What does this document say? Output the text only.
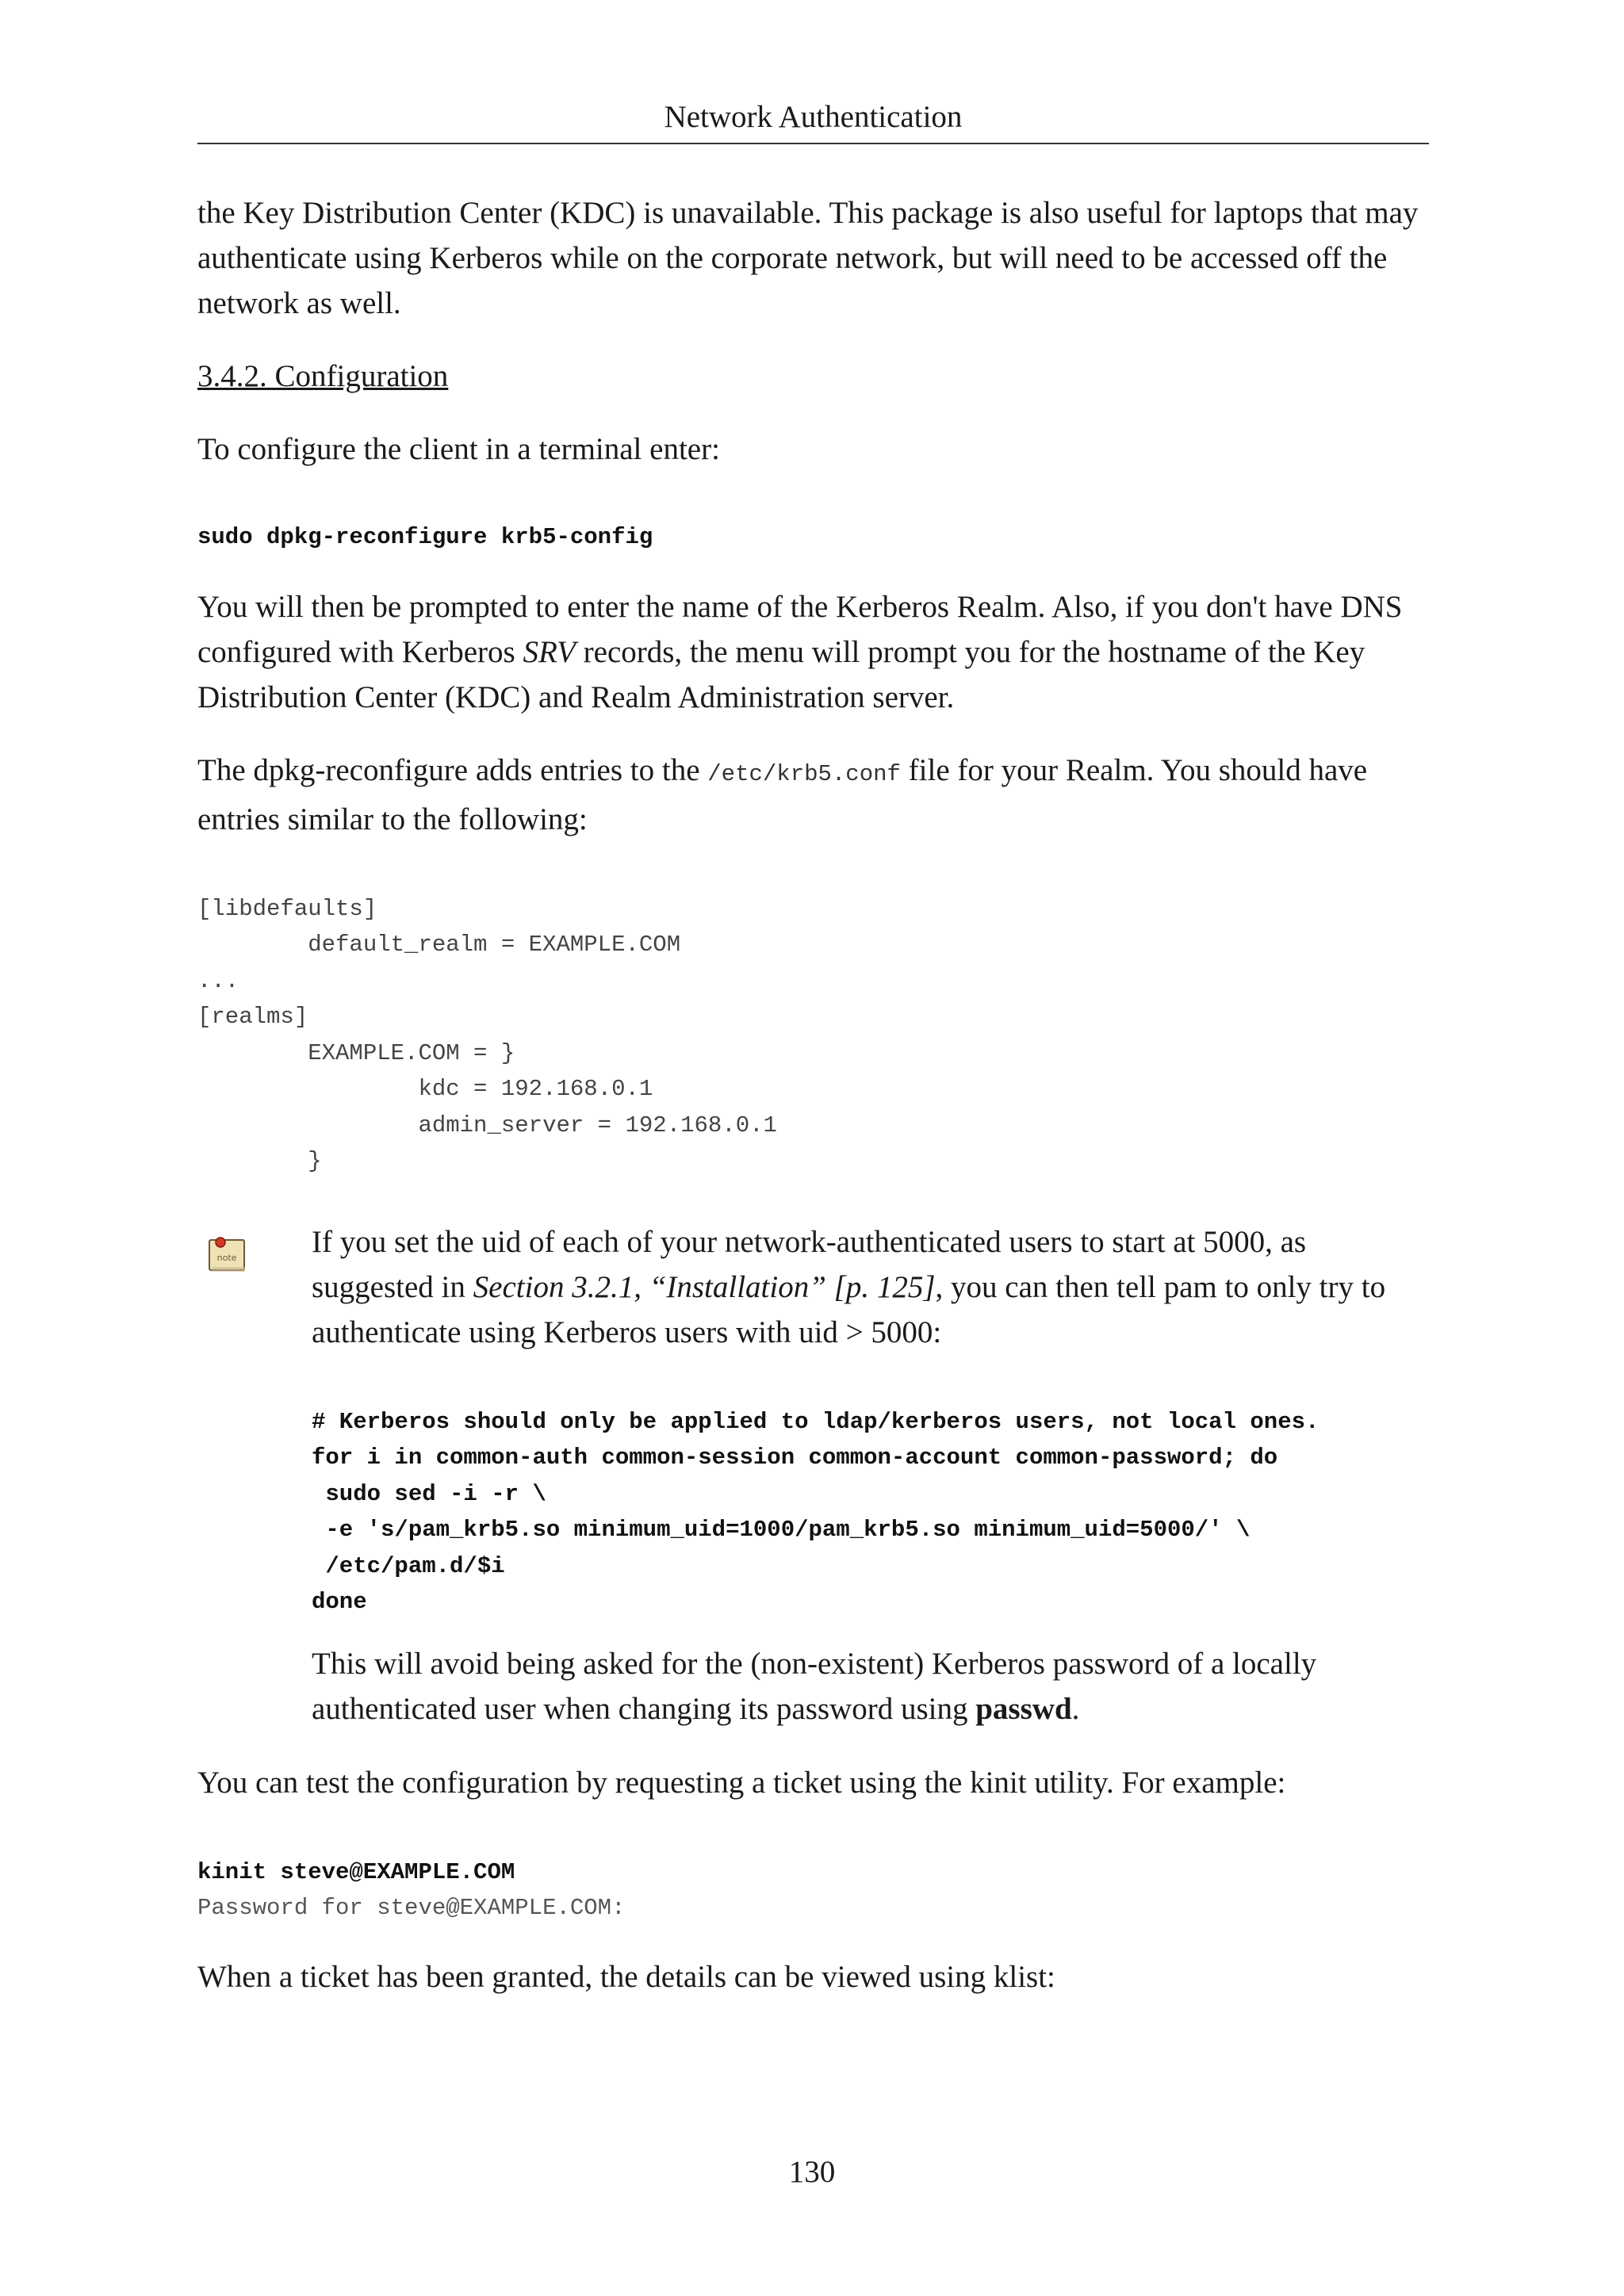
Network Authentication

the Key Distribution Center (KDC) is unavailable. This package is also useful for laptops that may authenticate using Kerberos while on the corporate network, but will need to be accessed off the network as well.

3.4.2. Configuration

To configure the client in a terminal enter:

sudo dpkg-reconfigure krb5-config

You will then be prompted to enter the name of the Kerberos Realm. Also, if you don't have DNS configured with Kerberos SRV records, the menu will prompt you for the hostname of the Key Distribution Center (KDC) and Realm Administration server.

The dpkg-reconfigure adds entries to the /etc/krb5.conf file for your Realm. You should have entries similar to the following:

[libdefaults]
default_realm = EXAMPLE.COM
...
[realms]
EXAMPLE.COM = }
kdc = 192.168.0.1
admin_server = 192.168.0.1
}
note If you set the uid of each of your network-authenticated users to start at 5000, as suggested in Section 3.2.1, “Installation” [p. 125], you can then tell pam to only try to authenticate using Kerberos users with uid > 5000:

# Kerberos should only be applied to ldap/kerberos users, not local ones.
for i in common-auth common-session common-account common-password; do
sudo sed -i -r \
-e 's/pam_krb5.so minimum_uid=1000/pam_krb5.so minimum_uid=5000/' \
/etc/pam.d/$i
done

This will avoid being asked for the (non-existent) Kerberos password of a locally authenticated user when changing its password using passwd.

You can test the configuration by requesting a ticket using the kinit utility. For example:

kinit steve@EXAMPLE.COM
Password for steve@EXAMPLE.COM:

When a ticket has been granted, the details can be viewed using klist:

130
